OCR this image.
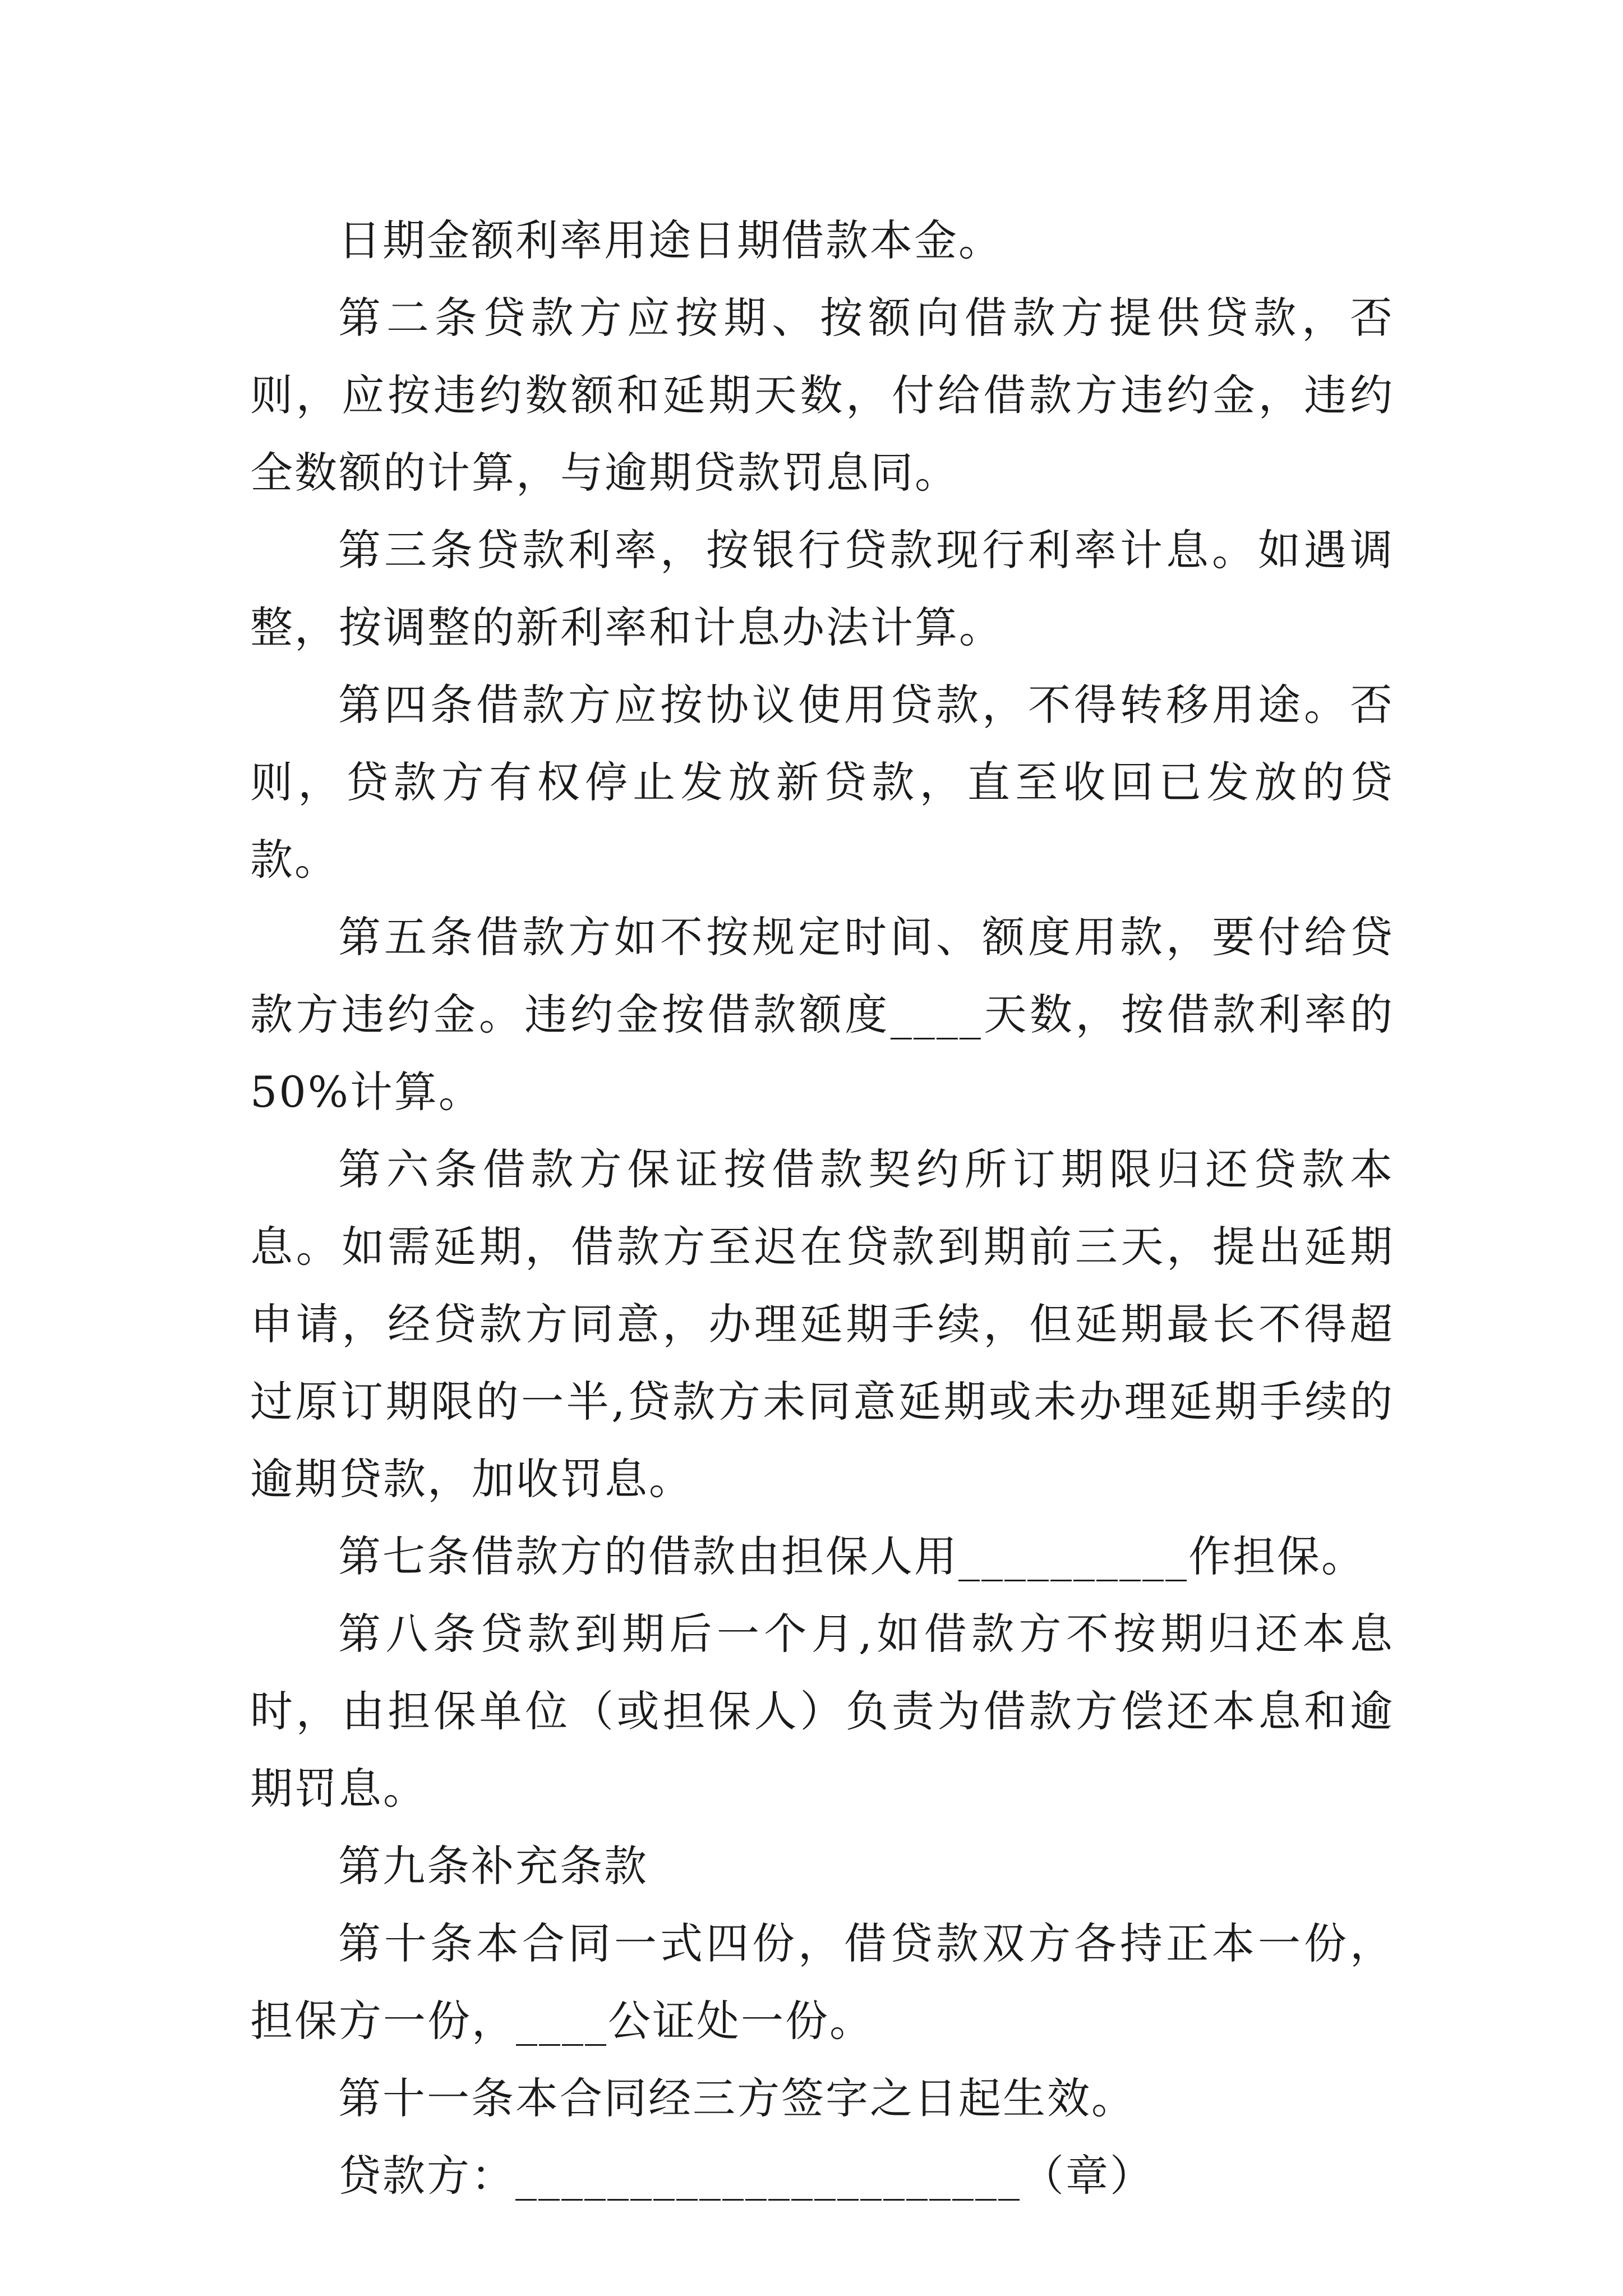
日期金额利率用途日期借款本金。

第二条贷款方应按期、按额向借款方提供贷款，否则，应按违约数额和延期天数，付给借款方违约金，违约全数额的计算，与逾期贷款罚息同。

第三条贷款利率，按银行贷款现行利率计息。如遇调整，按调整的新利率和计息办法计算。

第四条借款方应按协议使用贷款，不得转移用途。否则，贷款方有权停止发放新贷款，直至收回已发放的贷款。

第五条借款方如不按规定时间、额度用款，要付给贷款方违约金。违约金按借款额度____天数，按借款利率的 50%计算。

第六条借款方保证按借款契约所订期限归还贷款本息。如需延期，借款方至迟在贷款到期前三天，提出延期申请，经贷款方同意，办理延期手续，但延期最长不得超过原订期限的一半,贷款方未同意延期或未办理延期手续的逾期贷款，加收罚息。

第七条借款方的借款由担保人用__________作担保。

第八条贷款到期后一个月,如借款方不按期归还本息时，由担保单位（或担保人）负责为借款方偿还本息和逾期罚息。

第九条补充条款

第十条本合同一式四份，借贷款双方各持正本一份，担保方一份，____公证处一份。

第十一条本合同经三方签字之日起生效。

贷款方：______________________（章）
